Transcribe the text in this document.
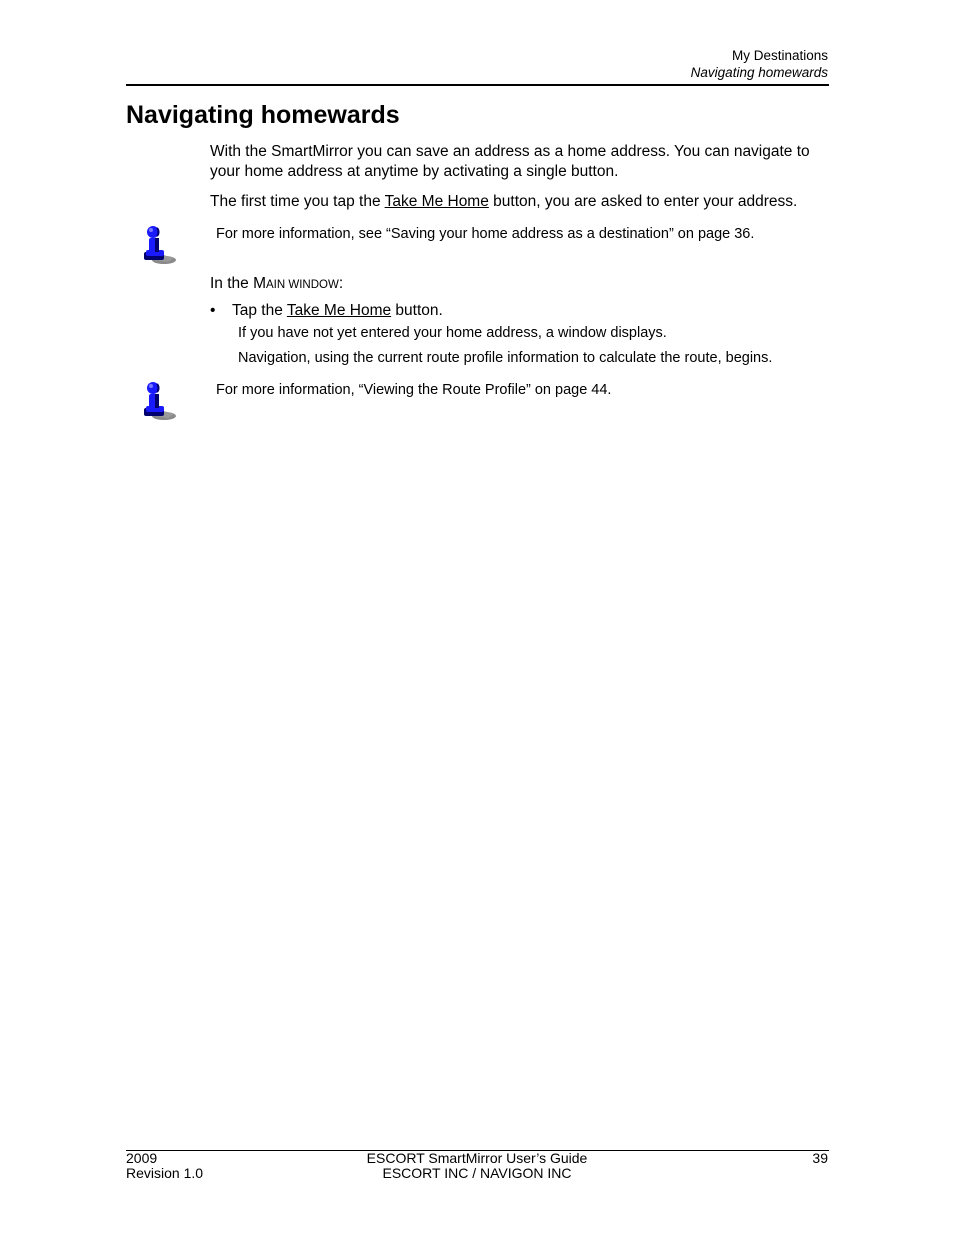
My Destinations
Navigating homewards
Navigating homewards

With the SmartMirror you can save an address as a home address. You can navigate to your home address at anytime by activating a single button.

The first time you tap the Take Me Home button, you are asked to enter your address.

For more information, see “Saving your home address as a destination” on page 36.
In the MAIN WINDOW:
• Tap the Take Me Home button.
If you have not yet entered your home address, a window displays.
Navigation, using the current route profile information to calculate the route, begins.
For more information, “Viewing the Route Profile” on page 44.
2009
Revision 1.0
ESCORT SmartMirror User’s Guide
ESCORT INC / NAVIGON INC
39
